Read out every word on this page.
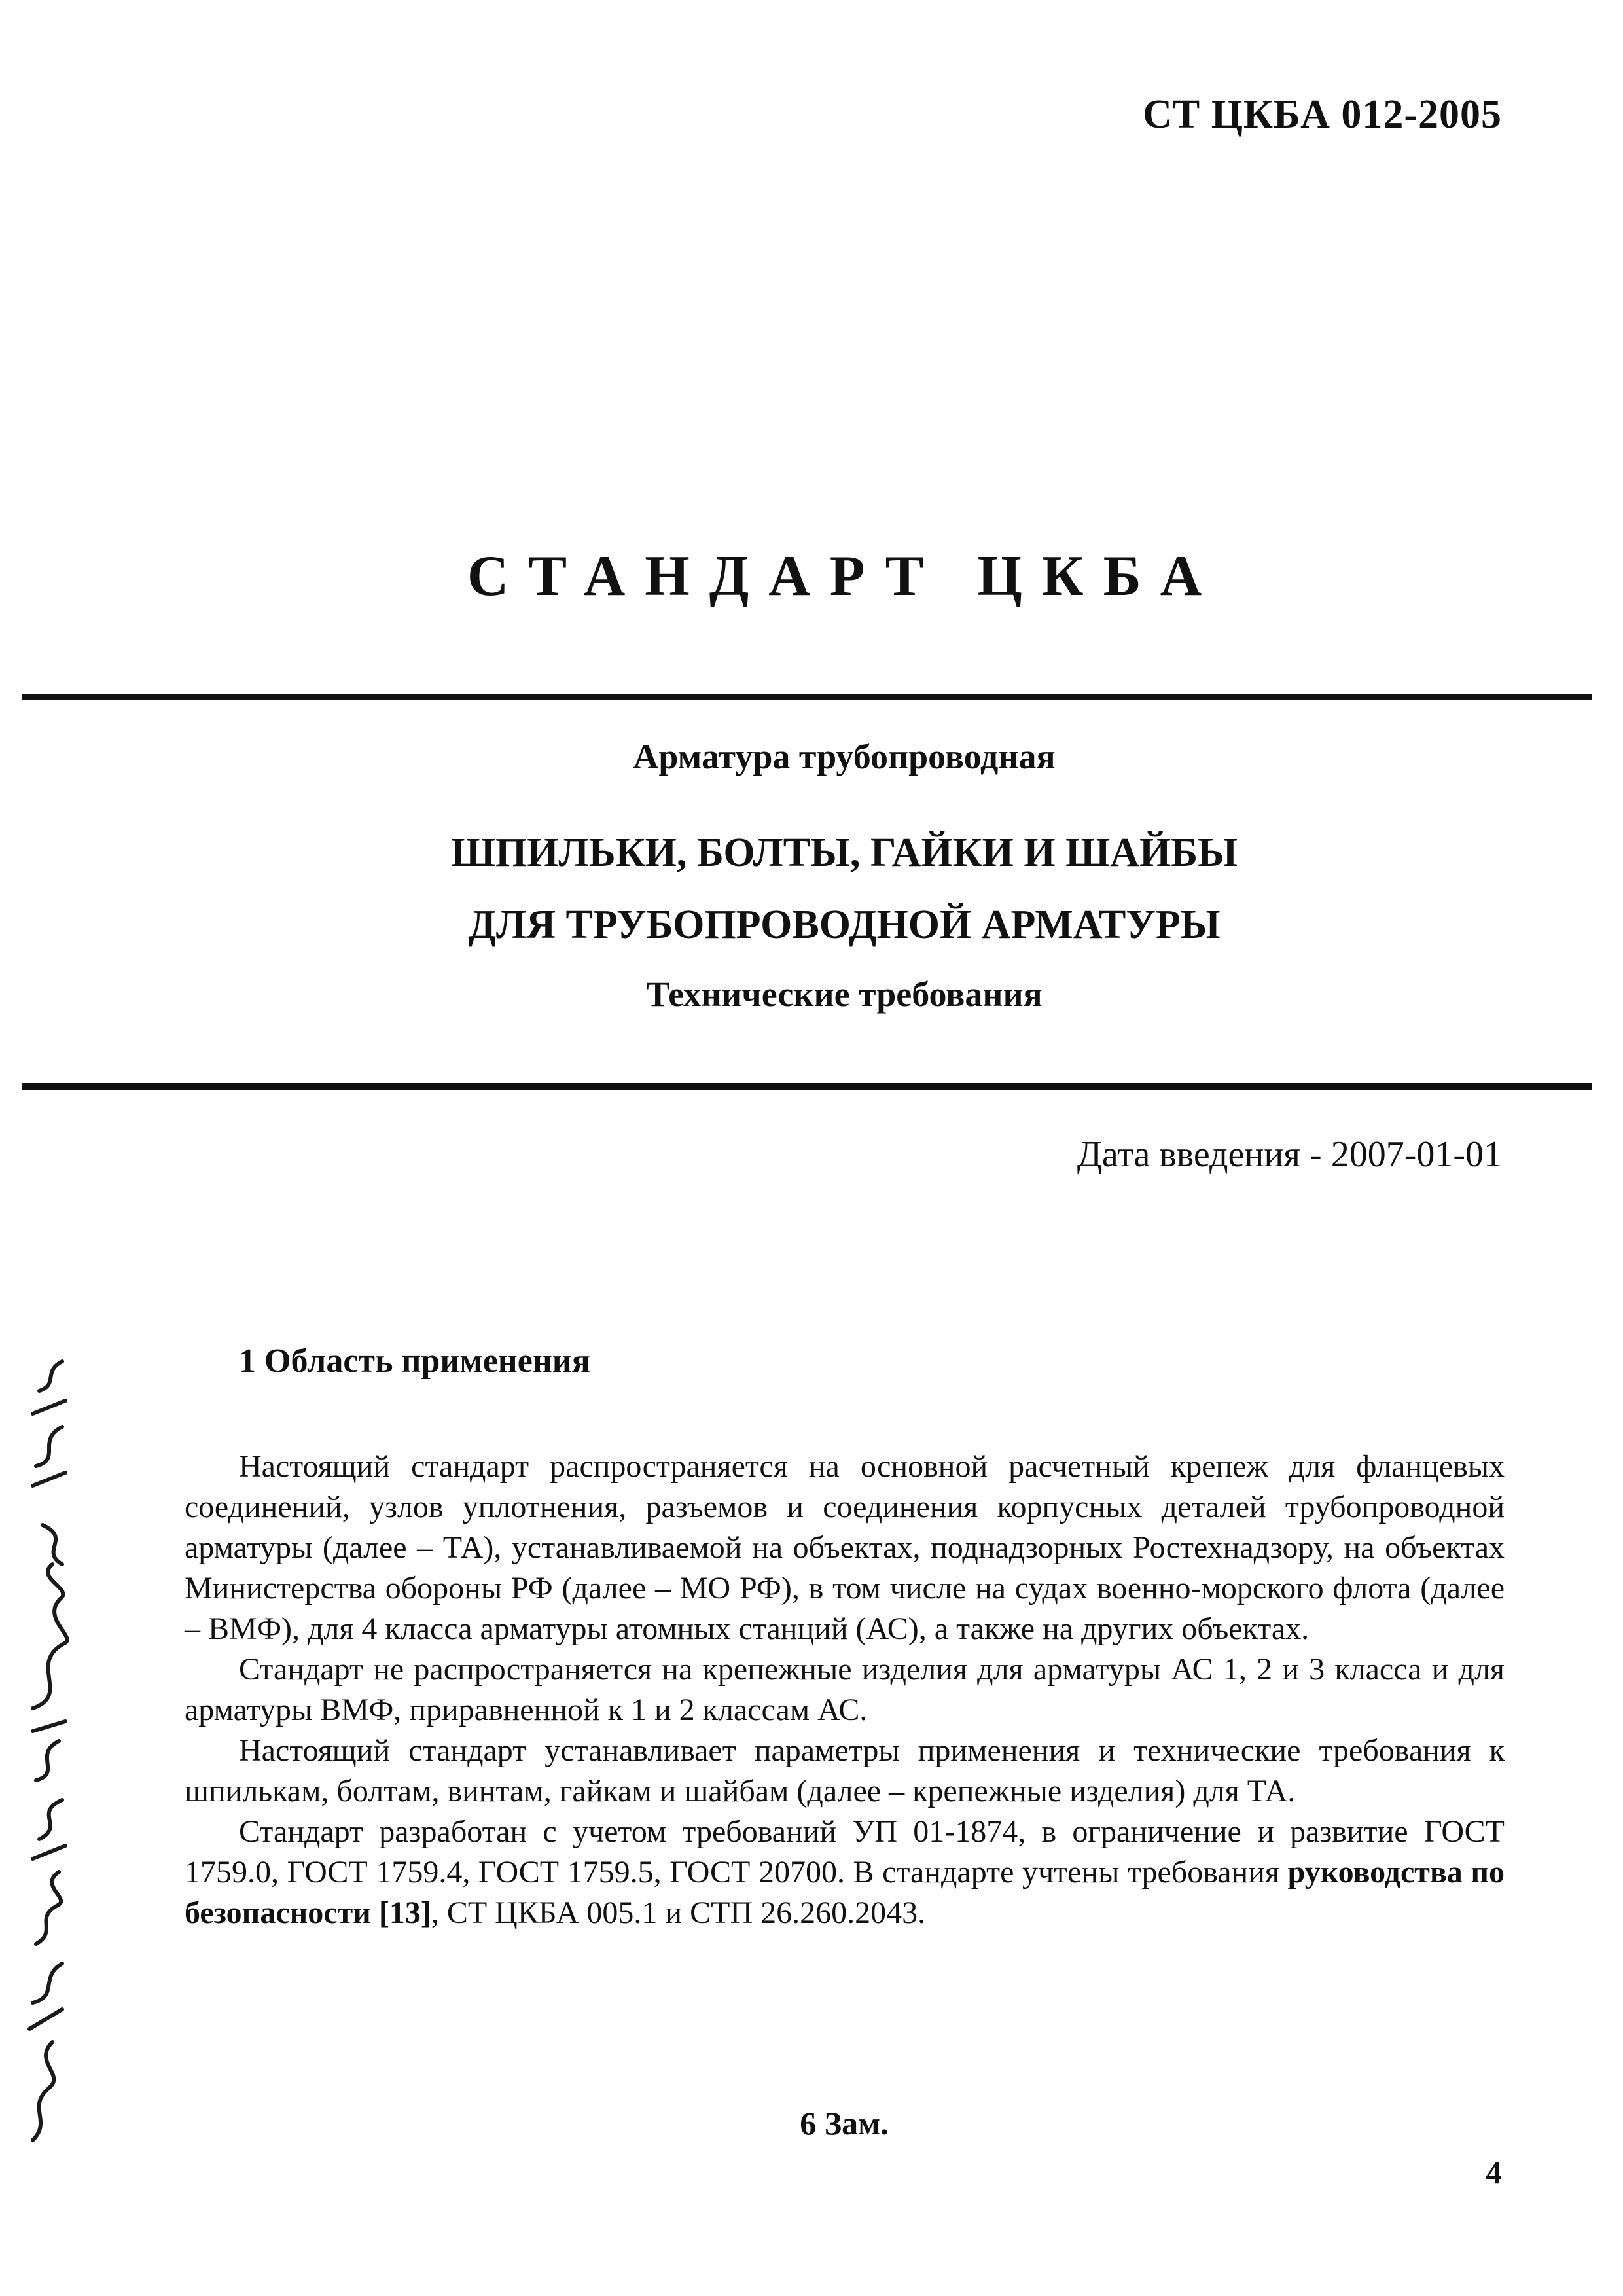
СТ ЦКБА 012-2005
СТАНДАРТ ЦКБА
Арматура трубопроводная
ШПИЛЬКИ, БОЛТЫ, ГАЙКИ И ШАЙБЫ
ДЛЯ ТРУБОПРОВОДНОЙ АРМАТУРЫ
Технические требования
Дата введения - 2007-01-01
1 Область применения

Настоящий стандарт распространяется на основной расчетный крепеж для фланцевых соединений, узлов уплотнения, разъемов и соединения корпусных деталей трубопроводной арматуры (далее – ТА), устанавливаемой на объектах, поднадзорных Ростехнадзору, на объектах Министерства обороны РФ (далее – МО РФ), в том числе на судах военно-морского флота (далее – ВМФ), для 4 класса арматуры атомных станций (АС), а также на других объектах.

Стандарт не распространяется на крепежные изделия для арматуры АС 1, 2 и 3 класса и для арматуры ВМФ, приравненной к 1 и 2 классам АС.

Настоящий стандарт устанавливает параметры применения и технические требования к шпилькам, болтам, винтам, гайкам и шайбам (далее – крепежные изделия) для ТА.

Стандарт разработан с учетом требований УП 01-1874, в ограничение и развитие ГОСТ 1759.0, ГОСТ 1759.4, ГОСТ 1759.5, ГОСТ 20700. В стандарте учтены требования руководства по безопасности [13], СТ ЦКБА 005.1 и СТП 26.260.2043.

6 Зам.
4
